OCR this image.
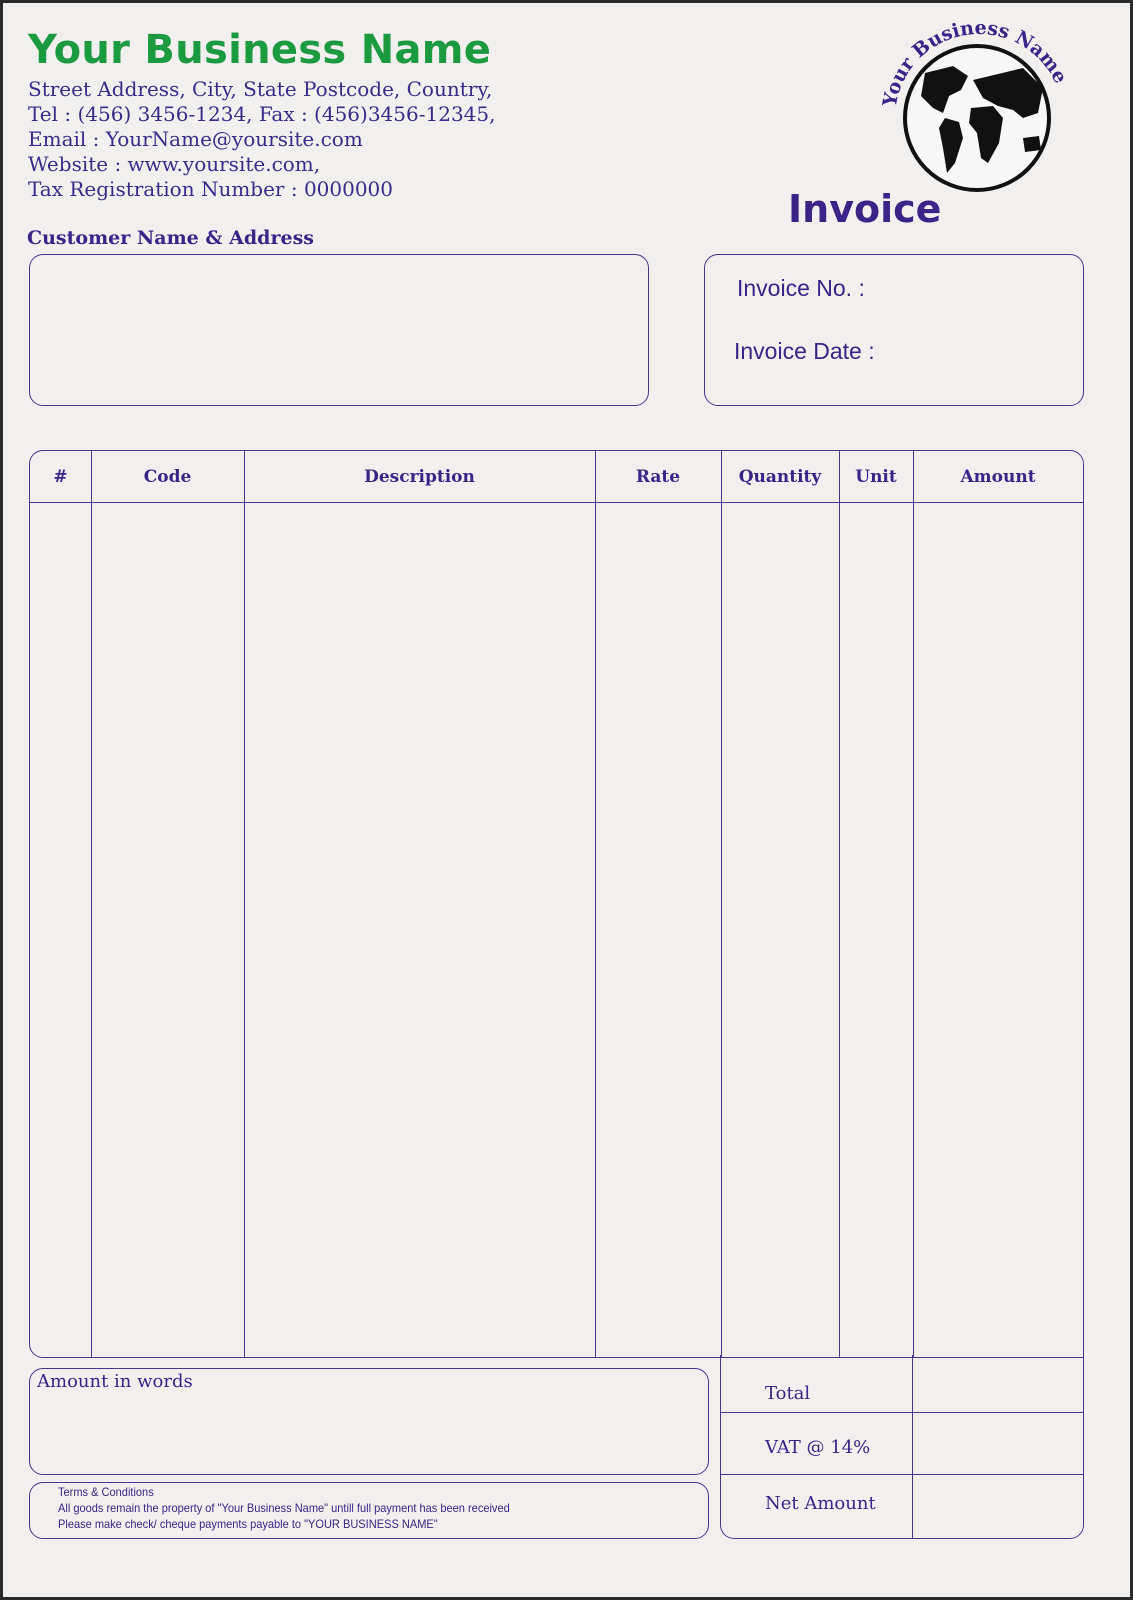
Your Business Name
Street Address, City, State Postcode, Country,
Tel : (456) 3456-1234, Fax : (456)3456-12345,
Email : YourName@yoursite.com
Website : www.yoursite.com,
Tax Registration Number : 0000000
Your Business Name
Invoice
Customer Name & Address
Invoice No. :
Invoice Date :
#	Code	Description	Rate	Quantity	Unit	Amount
Amount in words
Terms & Conditions
All goods remain the property of "Your Business Name" untill full payment has been received
Please make check/ cheque payments payable to "YOUR BUSINESS NAME"
Total
VAT @ 14%
Net Amount
